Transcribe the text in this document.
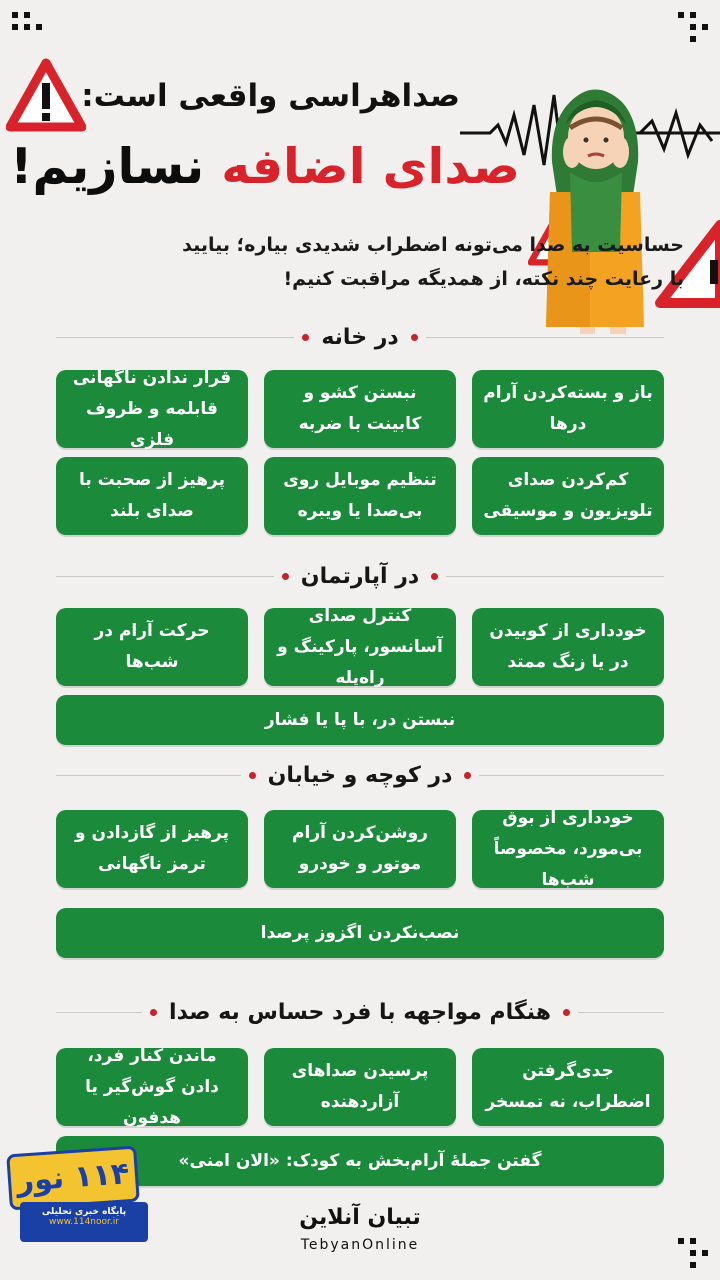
صداهراسی واقعی است:
صدای اضافه نسازیم!

حساسیت به صدا می‌تونه اضطراب شدیدی بیاره؛ بیایید
با رعایت چند نکته، از همدیگه مراقبت کنیم!

در خانه
باز و بسته‌کردن آرام درها
نبستن کشو و کابینت با ضربه
قرار ندادن ناگهانی قابلمه و ظروف فلزی
کم‌کردن صدای تلویزیون و موسیقی
تنظیم موبایل روی بی‌صدا یا ویبره
پرهیز از صحبت با صدای بلند
در آپارتمان
خودداری از کوبیدن در یا زنگ ممتد
کنترل صدای آسانسور، پارکینگ و راه‌پله
حرکت آرام در شب‌ها
نبستن در، با پا یا فشار
در کوچه و خیابان
خودداری از بوق بی‌مورد، مخصوصاً شب‌ها
روشن‌کردن آرام موتور و خودرو
پرهیز از گازدادن و ترمز ناگهانی
نصب‌نکردن اگزوز پرصدا
هنگام مواجهه با فرد حساس به صدا
جدی‌گرفتن اضطراب، نه تمسخر
پرسیدن صداهای آزاردهنده
ماندن کنار فرد، دادن گوش‌گیر یا هدفون
گفتن جملهٔ آرام‌بخش به کودک: «الان امنی»
۱۱۴ نور
پایگاه خبری تحلیلی
www.114noor.ir	تبیان آنلاین
TebyanOnline
